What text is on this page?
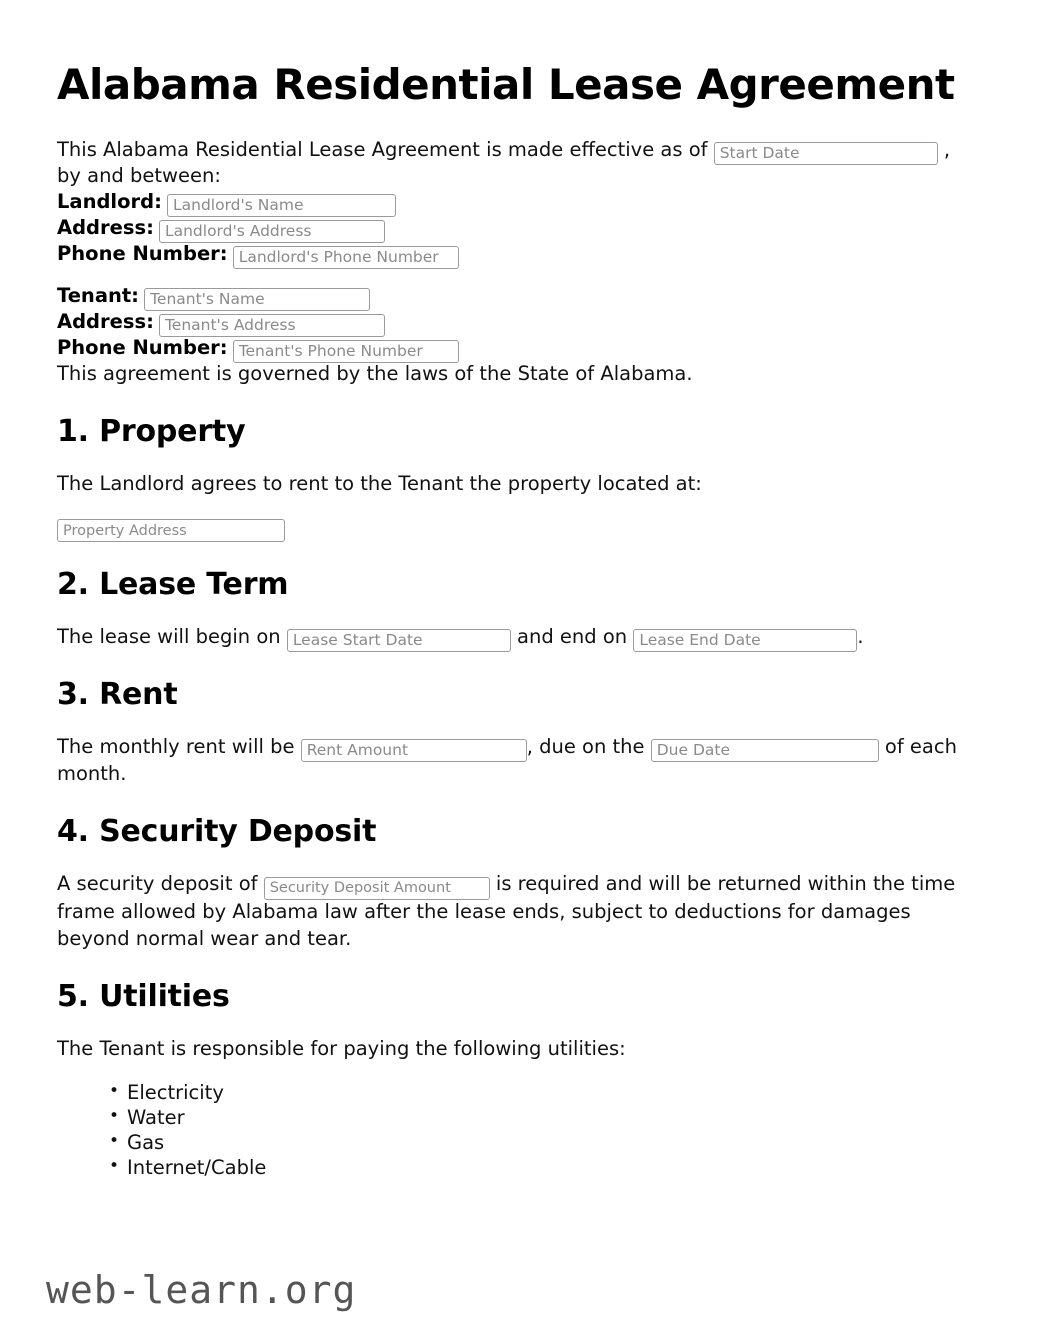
Alabama Residential Lease Agreement

This Alabama Residential Lease Agreement is made effective as of Start Date	,
by and between:

Landlord: Landlord's Name
Address: Landlord's Address
Phone Number: Landlord's Phone Number
Tenant: Tenant's Name
Address: Tenant's Address
Phone Number: Tenant's Phone Number

This agreement is governed by the laws of the State of Alabama.

1. Property

The Landlord agrees to rent to the Tenant the property located at:

Property Address
2. Lease Term

The lease will begin on Lease Start Date	and end on Lease End Date	.

3. Rent

The monthly rent will be Rent Amount	, due on the Due Date	of each month.

4. Security Deposit

A security deposit of Security Deposit Amount	is required and will be returned within the time frame allowed by Alabama law after the lease ends, subject to deductions for damages beyond normal wear and tear.

5. Utilities

The Tenant is responsible for paying the following utilities:

• Electricity
• Water
• Gas
• Internet/Cable
web-learn.org
